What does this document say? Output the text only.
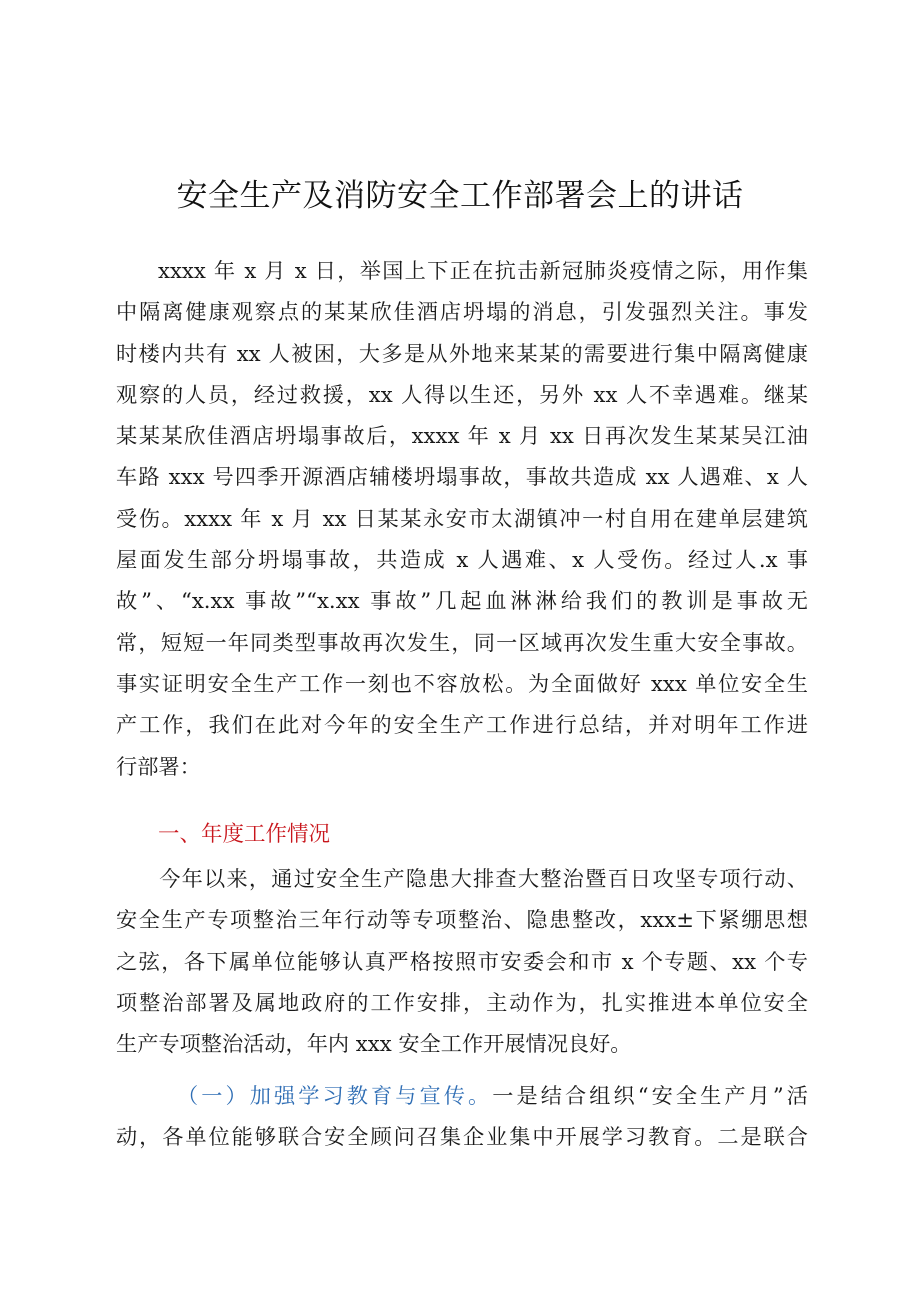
安全生产及消防安全工作部署会上的讲话
xxxx 年 x 月 x 日，举国上下正在抗击新冠肺炎疫情之际，用作集
中隔离健康观察点的某某欣佳酒店坍塌的消息，引发强烈关注。事发
时楼内共有 xx 人被困，大多是从外地来某某的需要进行集中隔离健康
观察的人员，经过救援，xx 人得以生还，另外 xx 人不幸遇难。继某
某某某欣佳酒店坍塌事故后，xxxx 年 x 月 xx 日再次发生某某吴江油
车路 xxx 号四季开源酒店辅楼坍塌事故，事故共造成 xx 人遇难、x 人
受伤。xxxx 年 x 月 xx 日某某永安市太湖镇冲一村自用在建单层建筑
屋面发生部分坍塌事故，共造成 x 人遇难、x 人受伤。经过人.x 事
故”、“x.xx 事故”“x.xx 事故”几起血淋淋给我们的教训是事故无
常，短短一年同类型事故再次发生，同一区域再次发生重大安全事故。
事实证明安全生产工作一刻也不容放松。为全面做好 xxx 单位安全生
产工作，我们在此对今年的安全生产工作进行总结，并对明年工作进
行部署：
一、年度工作情况
今年以来，通过安全生产隐患大排查大整治暨百日攻坚专项行动、
安全生产专项整治三年行动等专项整治、隐患整改，xxx±下紧绷思想
之弦，各下属单位能够认真严格按照市安委会和市 x 个专题、xx 个专
项整治部署及属地政府的工作安排，主动作为，扎实推进本单位安全
生产专项整治活动，年内 xxx 安全工作开展情况良好。
（一）加强学习教育与宣传。一是结合组织“安全生产月”活
动，各单位能够联合安全顾问召集企业集中开展学习教育。二是联合
